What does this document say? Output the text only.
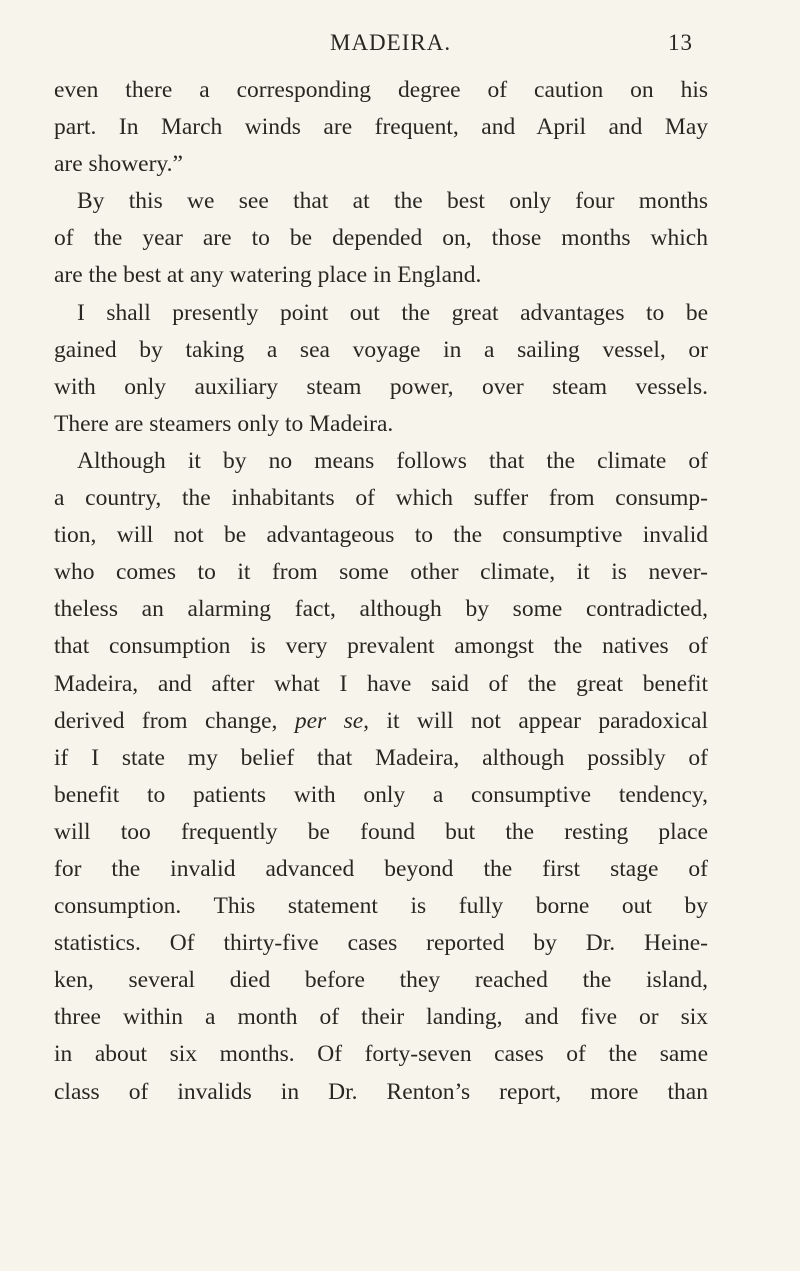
MADEIRA.	13
even there a corresponding degree of caution on his
part. In March winds are frequent, and April and May
are showery.”
By this we see that at the best only four months
of the year are to be depended on, those months which
are the best at any watering place in England.
I shall presently point out the great advantages to be
gained by taking a sea voyage in a sailing vessel, or
with only auxiliary steam power, over steam vessels.
There are steamers only to Madeira.
Although it by no means follows that the climate of
a country, the inhabitants of which suffer from consump-
tion, will not be advantageous to the consumptive invalid
who comes to it from some other climate, it is never-
theless an alarming fact, although by some contradicted,
that consumption is very prevalent amongst the natives of
Madeira, and after what I have said of the great benefit
derived from change, per se, it will not appear paradoxical
if I state my belief that Madeira, although possibly of
benefit to patients with only a consumptive tendency,
will too frequently be found but the resting place
for the invalid advanced beyond the first stage of
consumption. This statement is fully borne out by
statistics. Of thirty-five cases reported by Dr. Heine-
ken, several died before they reached the island,
three within a month of their landing, and five or six
in about six months. Of forty-seven cases of the same
class of invalids in Dr. Renton’s report, more than
